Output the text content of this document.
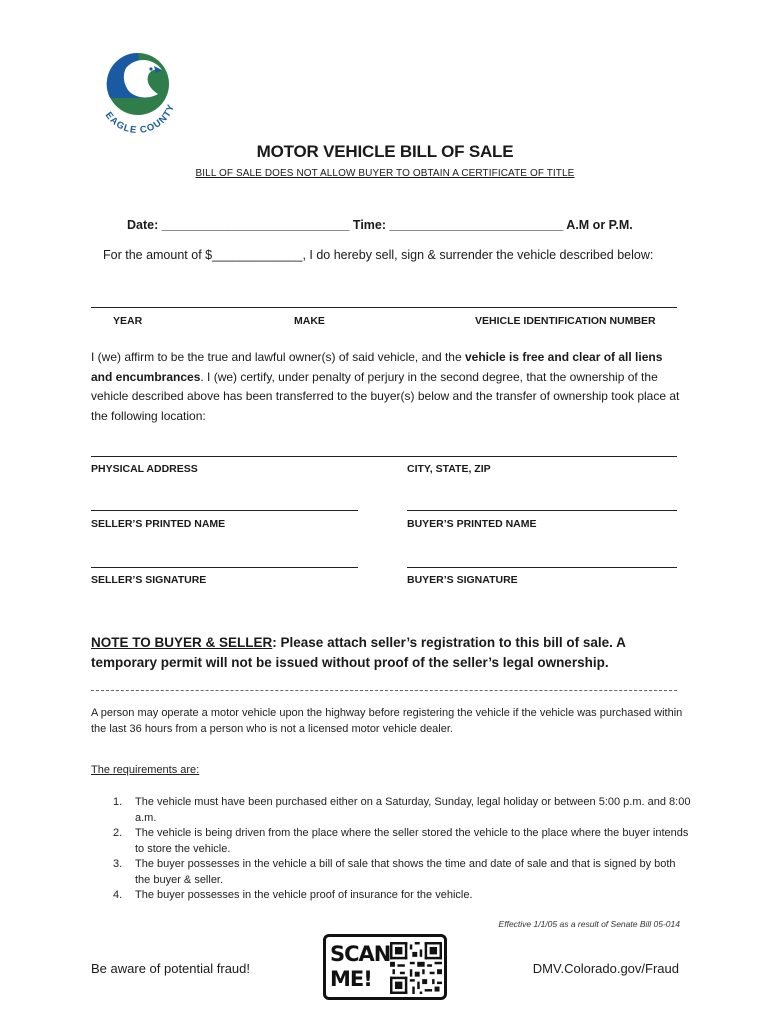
EAGLE COUNTY
MOTOR VEHICLE BILL OF SALE
BILL OF SALE DOES NOT ALLOW BUYER TO OBTAIN A CERTIFICATE OF TITLE
Date: ___________________________ Time: _________________________ A.M or P.M.
For the amount of $_____________, I do hereby sell, sign & surrender the vehicle described below:
YEAR	MAKE	VEHICLE IDENTIFICATION NUMBER
I (we) affirm to be the true and lawful owner(s) of said vehicle, and the vehicle is free and clear of all liens and encumbrances. I (we) certify, under penalty of perjury in the second degree, that the ownership of the vehicle described above has been transferred to the buyer(s) below and the transfer of ownership took place at the following location:
PHYSICAL ADDRESS	CITY, STATE, ZIP
SELLER’S PRINTED NAME	BUYER’S PRINTED NAME
SELLER’S SIGNATURE	BUYER’S SIGNATURE
NOTE TO BUYER & SELLER: Please attach seller’s registration to this bill of sale. A temporary permit will not be issued without proof of the seller’s legal ownership.
A person may operate a motor vehicle upon the highway before registering the vehicle if the vehicle was purchased within the last 36 hours from a person who is not a licensed motor vehicle dealer.
The requirements are:
1. The vehicle must have been purchased either on a Saturday, Sunday, legal holiday or between 5:00 p.m. and 8:00 a.m.
2. The vehicle is being driven from the place where the seller stored the vehicle to the place where the buyer intends to store the vehicle.
3. The buyer possesses in the vehicle a bill of sale that shows the time and date of sale and that is signed by both the buyer & seller.
4. The buyer possesses in the vehicle proof of insurance for the vehicle.
Effective 1/1/05 as a result of Senate Bill 05-014
Be aware of potential fraud!
SCAN
ME!	DMV.Colorado.gov/Fraud
